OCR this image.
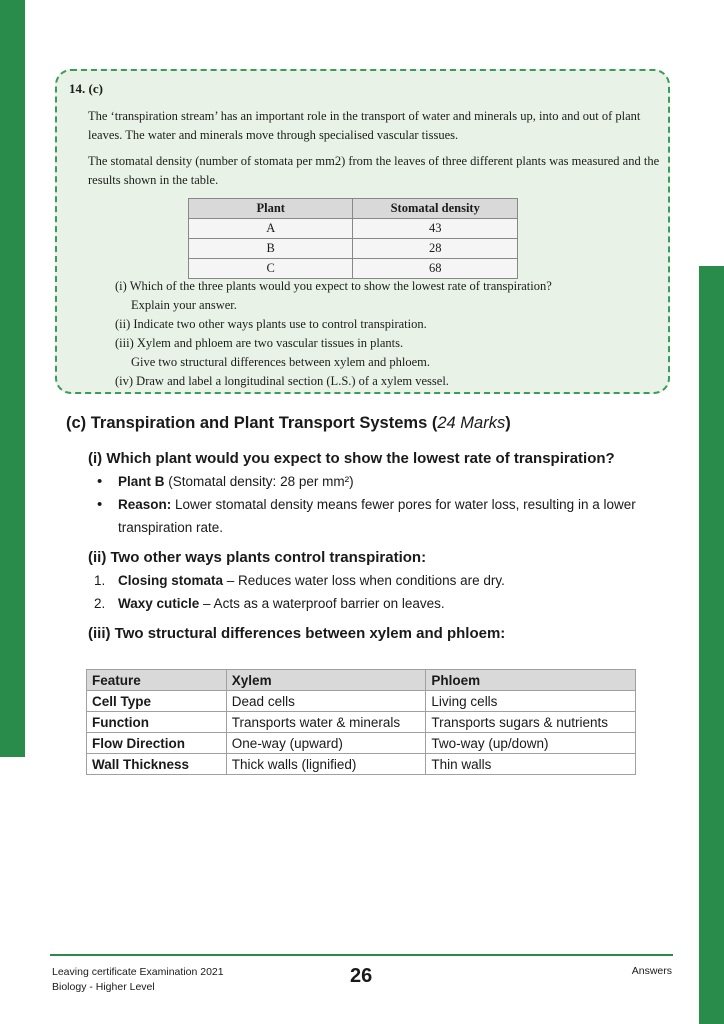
14. (c)

The ‘transpiration stream’ has an important role in the transport of water and minerals up, into and out of plant leaves. The water and minerals move through specialised vascular tissues.

The stomatal density (number of stomata per mm2) from the leaves of three different plants was measured and the results shown in the table.

Plant	Stomatal density
A	43
B	28
C	68
(i) Which of the three plants would you expect to show the lowest rate of transpiration?
Explain your answer.
(ii) Indicate two other ways plants use to control transpiration.
(iii) Xylem and phloem are two vascular tissues in plants.
Give two structural differences between xylem and phloem.
(iv) Draw and label a longitudinal section (L.S.) of a xylem vessel.
(c) Transpiration and Plant Transport Systems (24 Marks)
(i) Which plant would you expect to show the lowest rate of transpiration?
• Plant B (Stomatal density: 28 per mm²)
• Reason: Lower stomatal density means fewer pores for water loss, resulting in a lower transpiration rate.
(ii) Two other ways plants control transpiration:
1. Closing stomata – Reduces water loss when conditions are dry.
2. Waxy cuticle – Acts as a waterproof barrier on leaves.
(iii) Two structural differences between xylem and phloem:
Feature	Xylem	Phloem
Cell Type	Dead cells	Living cells
Function	Transports water & minerals	Transports sugars & nutrients
Flow Direction	One-way (upward)	Two-way (up/down)
Wall Thickness	Thick walls (lignified)	Thin walls
Leaving certificate Examination 2021
Biology - Higher Level	26	Answers
